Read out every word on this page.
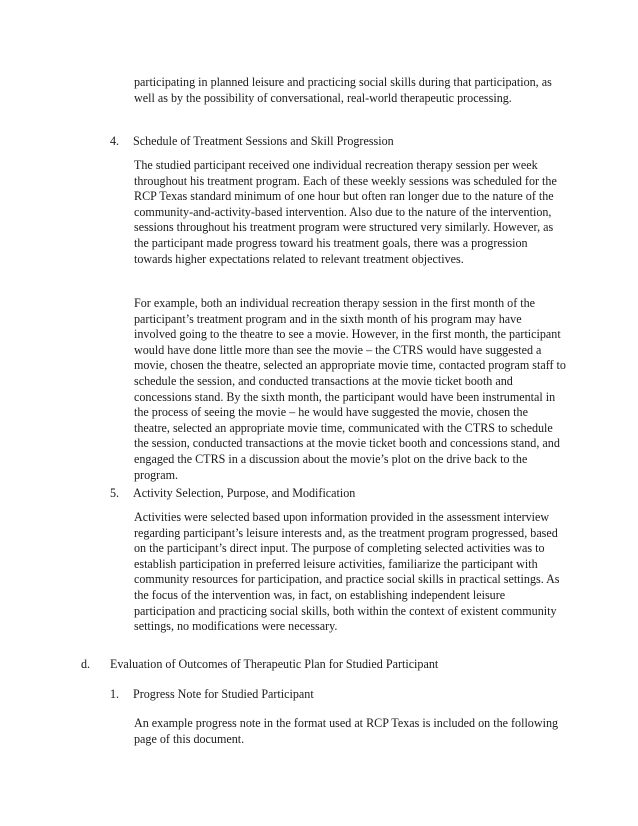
participating in planned leisure and practicing social skills during that participation, as well as by the possibility of conversational, real-world therapeutic processing.

4. Schedule of Treatment Sessions and Skill Progression

The studied participant received one individual recreation therapy session per week throughout his treatment program. Each of these weekly sessions was scheduled for the RCP Texas standard minimum of one hour but often ran longer due to the nature of the community-and-activity-based intervention. Also due to the nature of the intervention, sessions throughout his treatment program were structured very similarly. However, as the participant made progress toward his treatment goals, there was a progression towards higher expectations related to relevant treatment objectives.

For example, both an individual recreation therapy session in the first month of the participant’s treatment program and in the sixth month of his program may have involved going to the theatre to see a movie. However, in the first month, the participant would have done little more than see the movie – the CTRS would have suggested a movie, chosen the theatre, selected an appropriate movie time, contacted program staff to schedule the session, and conducted transactions at the movie ticket booth and concessions stand. By the sixth month, the participant would have been instrumental in the process of seeing the movie – he would have suggested the movie, chosen the theatre, selected an appropriate movie time, communicated with the CTRS to schedule the session, conducted transactions at the movie ticket booth and concessions stand, and engaged the CTRS in a discussion about the movie’s plot on the drive back to the program.

5. Activity Selection, Purpose, and Modification

Activities were selected based upon information provided in the assessment interview regarding participant’s leisure interests and, as the treatment program progressed, based on the participant’s direct input. The purpose of completing selected activities was to establish participation in preferred leisure activities, familiarize the participant with community resources for participation, and practice social skills in practical settings. As the focus of the intervention was, in fact, on establishing independent leisure participation and practicing social skills, both within the context of existent community settings, no modifications were necessary.

d. Evaluation of Outcomes of Therapeutic Plan for Studied Participant

1. Progress Note for Studied Participant

An example progress note in the format used at RCP Texas is included on the following page of this document.
